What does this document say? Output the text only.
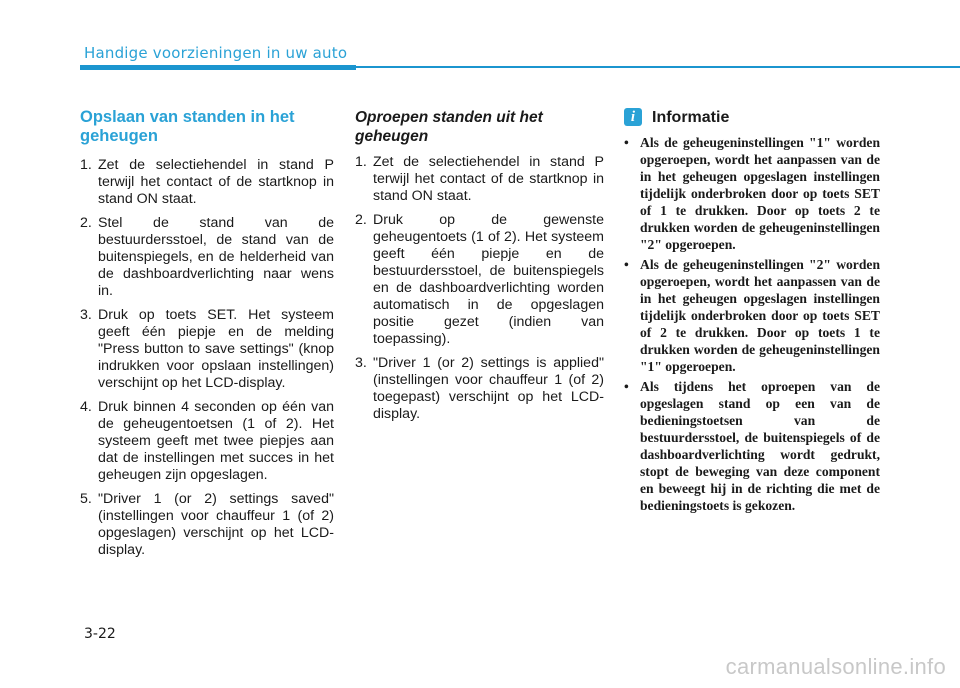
Handige voorzieningen in uw auto
Opslaan van standen in het geheugen
1. Zet de selectiehendel in stand P terwijl het contact of de startknop in stand ON staat.
2. Stel de stand van de bestuurdersstoel, de stand van de buitenspiegels, en de helderheid van de dashboardverlichting naar wens in.
3. Druk op toets SET. Het systeem geeft één piepje en de melding "Press button to save settings" (knop indrukken voor opslaan instellingen) verschijnt op het LCD-display.
4. Druk binnen 4 seconden op één van de geheugentoetsen (1 of 2). Het systeem geeft met twee piepjes aan dat de instellingen met succes in het geheugen zijn opgeslagen.
5. "Driver 1 (or 2) settings saved" (instellingen voor chauffeur 1 (of 2) opgeslagen) verschijnt op het LCD-display.
Oproepen standen uit het geheugen
1. Zet de selectiehendel in stand P terwijl het contact of de startknop in stand ON staat.
2. Druk op de gewenste geheugentoets (1 of 2). Het systeem geeft één piepje en de bestuurdersstoel, de buitenspiegels en de dashboardverlichting worden automatisch in de opgeslagen positie gezet (indien van toepassing).
3. "Driver 1 (or 2) settings is applied" (instellingen voor chauffeur 1 (of 2) toegepast) verschijnt op het LCD-display.
i	Informatie
• Als de geheugeninstellingen "1" worden opgeroepen, wordt het aanpassen van de in het geheugen opgeslagen instellingen tijdelijk onderbroken door op toets SET of 1 te drukken. Door op toets 2 te drukken worden de geheugeninstellingen "2" opgeroepen.
• Als de geheugeninstellingen "2" worden opgeroepen, wordt het aanpassen van de in het geheugen opgeslagen instellingen tijdelijk onderbroken door op toets SET of 2 te drukken. Door op toets 1 te drukken worden de geheugeninstellingen "1" opgeroepen.
• Als tijdens het oproepen van de opgeslagen stand op een van de bedieningstoetsen van de bestuurdersstoel, de buitenspiegels of de dashboardverlichting wordt gedrukt, stopt de beweging van deze component en beweegt hij in de richting die met de bedieningstoets is gekozen.
3-22
carmanualsonline.info
